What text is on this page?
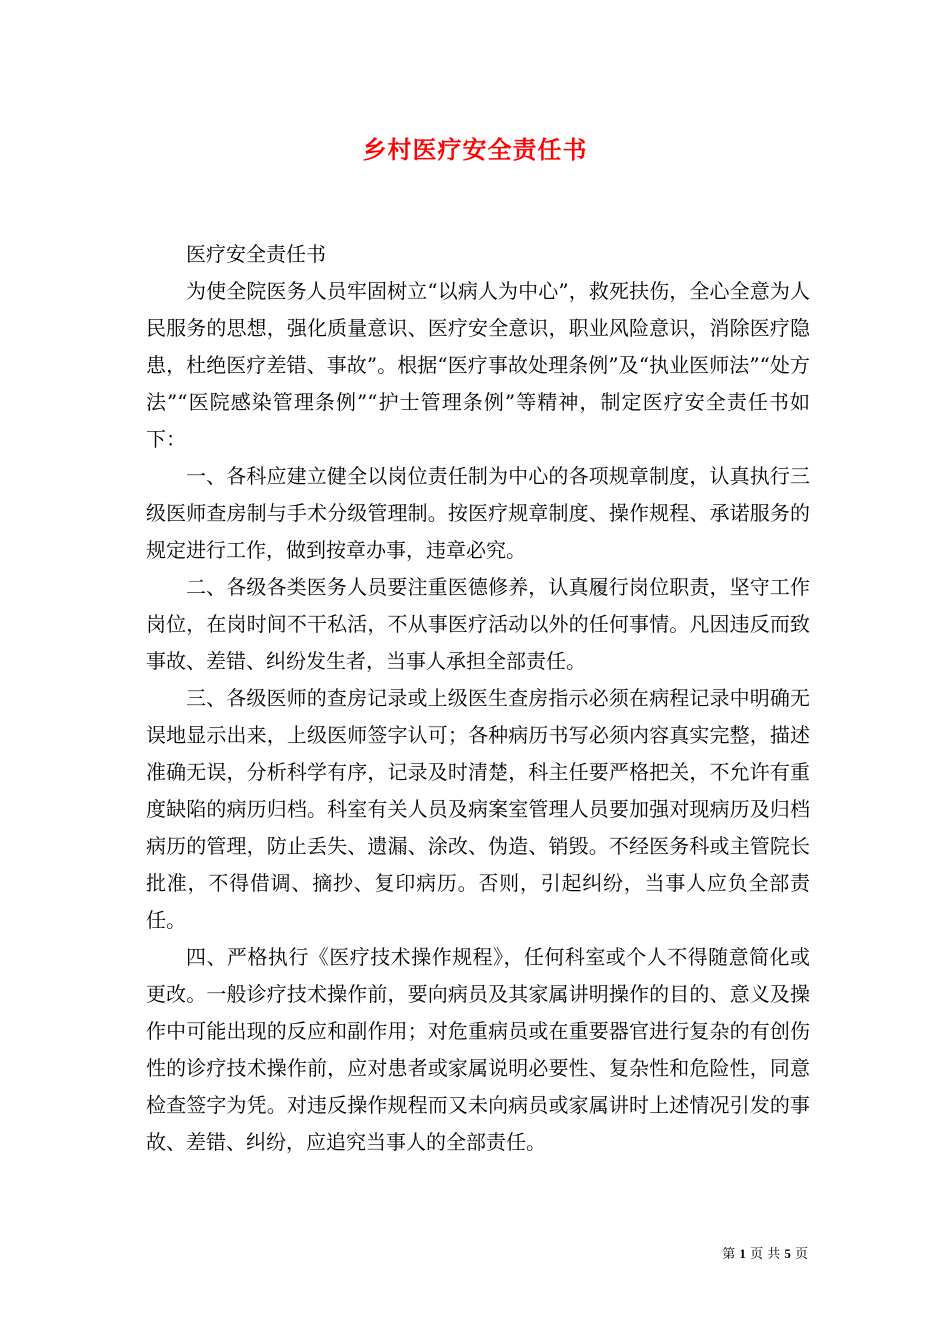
乡村医疗安全责任书

医疗安全责任书

为使全院医务人员牢固树立“以病人为中心”，救死扶伤，全心全意为人民服务的思想，强化质量意识、医疗安全意识，职业风险意识，消除医疗隐患，杜绝医疗差错、事故”。根据“医疗事故处理条例”及“执业医师法”“处方法”“医院感染管理条例”“护士管理条例”等精神，制定医疗安全责任书如下：

一、各科应建立健全以岗位责任制为中心的各项规章制度，认真执行三级医师查房制与手术分级管理制。按医疗规章制度、操作规程、承诺服务的规定进行工作，做到按章办事，违章必究。

二、各级各类医务人员要注重医德修养，认真履行岗位职责，坚守工作岗位，在岗时间不干私活，不从事医疗活动以外的任何事情。凡因违反而致事故、差错、纠纷发生者，当事人承担全部责任。

三、各级医师的查房记录或上级医生查房指示必须在病程记录中明确无误地显示出来，上级医师签字认可；各种病历书写必须内容真实完整，描述准确无误，分析科学有序，记录及时清楚，科主任要严格把关，不允许有重度缺陷的病历归档。科室有关人员及病案室管理人员要加强对现病历及归档病历的管理，防止丢失、遗漏、涂改、伪造、销毁。不经医务科或主管院长批准，不得借调、摘抄、复印病历。否则，引起纠纷，当事人应负全部责任。

四、严格执行《医疗技术操作规程》，任何科室或个人不得随意简化或更改。一般诊疗技术操作前，要向病员及其家属讲明操作的目的、意义及操作中可能出现的反应和副作用；对危重病员或在重要器官进行复杂的有创伤性的诊疗技术操作前，应对患者或家属说明必要性、复杂性和危险性，同意检查签字为凭。对违反操作规程而又未向病员或家属讲时上述情况引发的事故、差错、纠纷，应追究当事人的全部责任。

第 1 页 共 5 页
